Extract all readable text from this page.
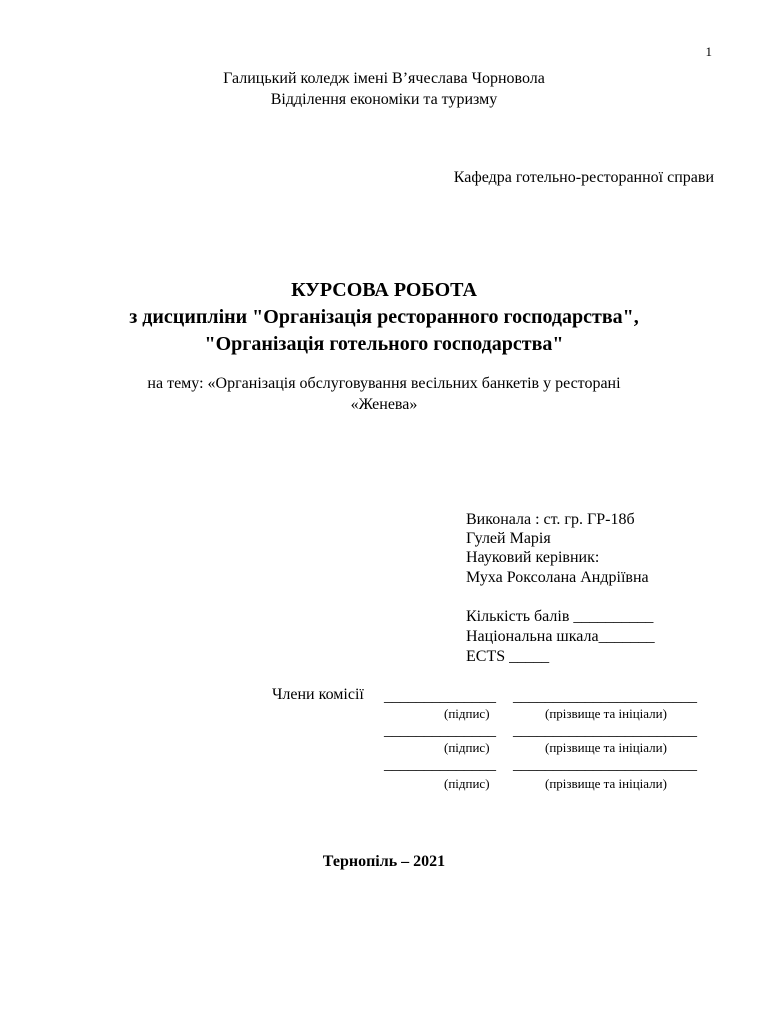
1
Галицький коледж імені В’ячеслава Чорновола
Відділення економіки та туризму
Кафедра готельно-ресторанної справи
КУРСОВА РОБОТА
з дисципліни "Організація ресторанного господарства",
"Організація готельного господарства"
на тему: «Організація обслуговування весільних банкетів у ресторані
«Женева»
Виконала : ст. гр. ГР-18б
Гулей Марія
Науковий керівник:
Муха Роксолана Андріївна
Кількість балів __________
Національна шкала_______
ECTS _____
Члени комісії ______________ _______________________
(підпис)	(прізвище та ініціали)
______________ _______________________
(підпис)	(прізвище та ініціали)
______________ _______________________
(підпис)	(прізвище та ініціали)
Тернопіль – 2021
